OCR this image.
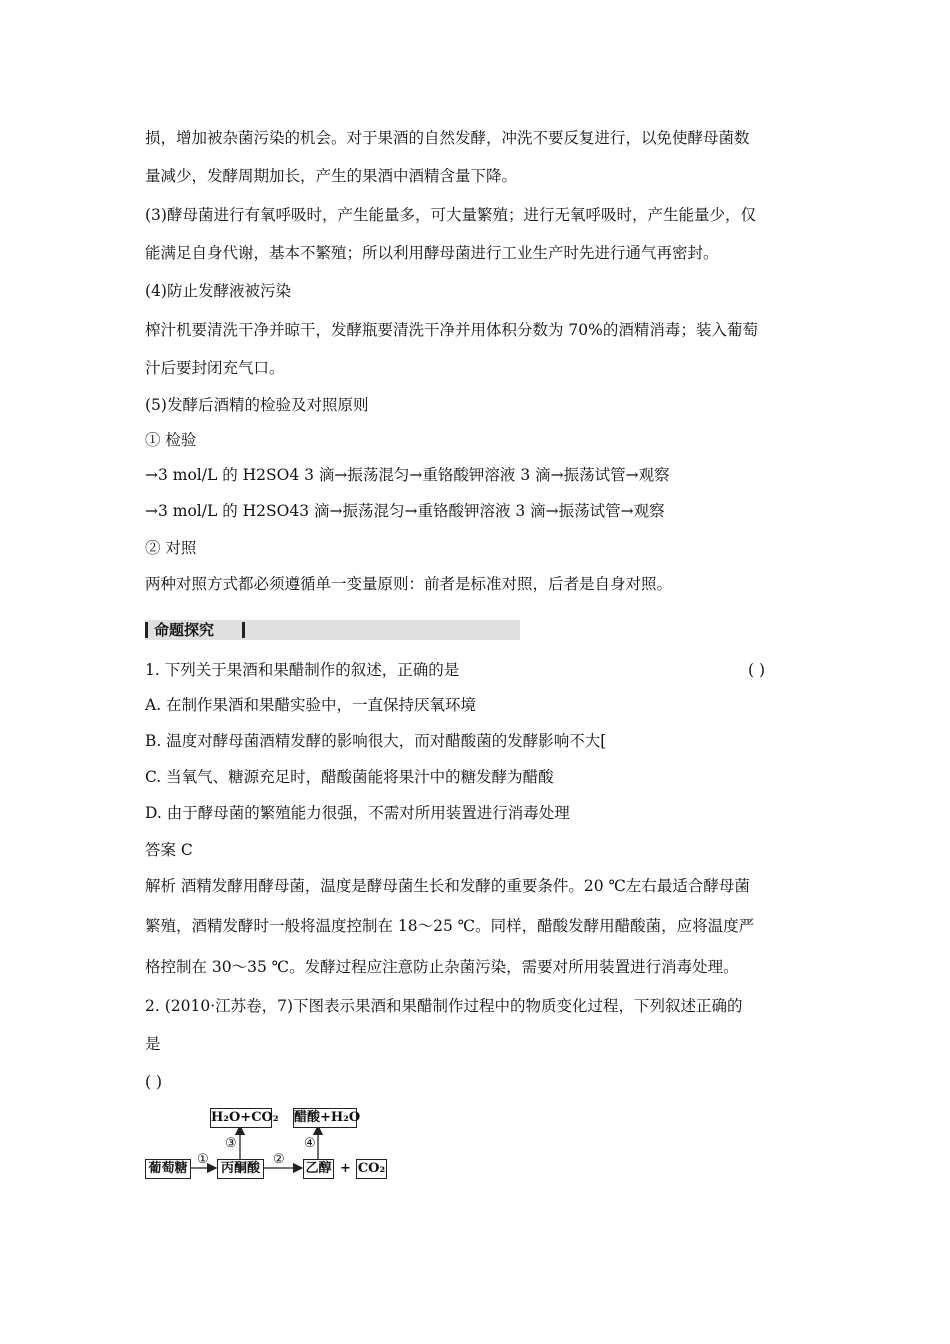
损，增加被杂菌污染的机会。对于果酒的自然发酵，冲洗不要反复进行，以免使酵母菌数
量减少，发酵周期加长，产生的果酒中酒精含量下降。
(3)酵母菌进行有氧呼吸时，产生能量多，可大量繁殖；进行无氧呼吸时，产生能量少，仅
能满足自身代谢，基本不繁殖；所以利用酵母菌进行工业生产时先进行通气再密封。
(4)防止发酵液被污染
榨汁机要清洗干净并晾干，发酵瓶要清洗干净并用体积分数为 70%的酒精消毒；装入葡萄
汁后要封闭充气口。
(5)发酵后酒精的检验及对照原则
① 检验
→3 mol/L 的 H2SO4 3 滴→振荡混匀→重铬酸钾溶液 3 滴→振荡试管→观察
→3 mol/L 的 H2SO43 滴→振荡混匀→重铬酸钾溶液 3 滴→振荡试管→观察
② 对照
两种对照方式都必须遵循单一变量原则：前者是标准对照，后者是自身对照。
命题探究
1. 下列关于果酒和果醋制作的叙述，正确的是	( )
A. 在制作果酒和果醋实验中，一直保持厌氧环境
B. 温度对酵母菌酒精发酵的影响很大，而对醋酸菌的发酵影响不大[
C. 当氧气、糖源充足时，醋酸菌能将果汁中的糖发酵为醋酸
D. 由于酵母菌的繁殖能力很强，不需对所用装置进行消毒处理
答案 C
解析 酒精发酵用酵母菌，温度是酵母菌生长和发酵的重要条件。20 ℃左右最适合酵母菌
繁殖，酒精发酵时一般将温度控制在 18～25 ℃。同样，醋酸发酵用醋酸菌，应将温度严
格控制在 30～35 ℃。发酵过程应注意防止杂菌污染，需要对所用装置进行消毒处理。
2. (2010·江苏卷，7)下图表示果酒和果醋制作过程中的物质变化过程，下列叙述正确的
是
( )
H₂O+CO₂ 醋酸+H₂O
葡萄糖	丙酮酸	乙醇 + CO₂
①	②
③	④
